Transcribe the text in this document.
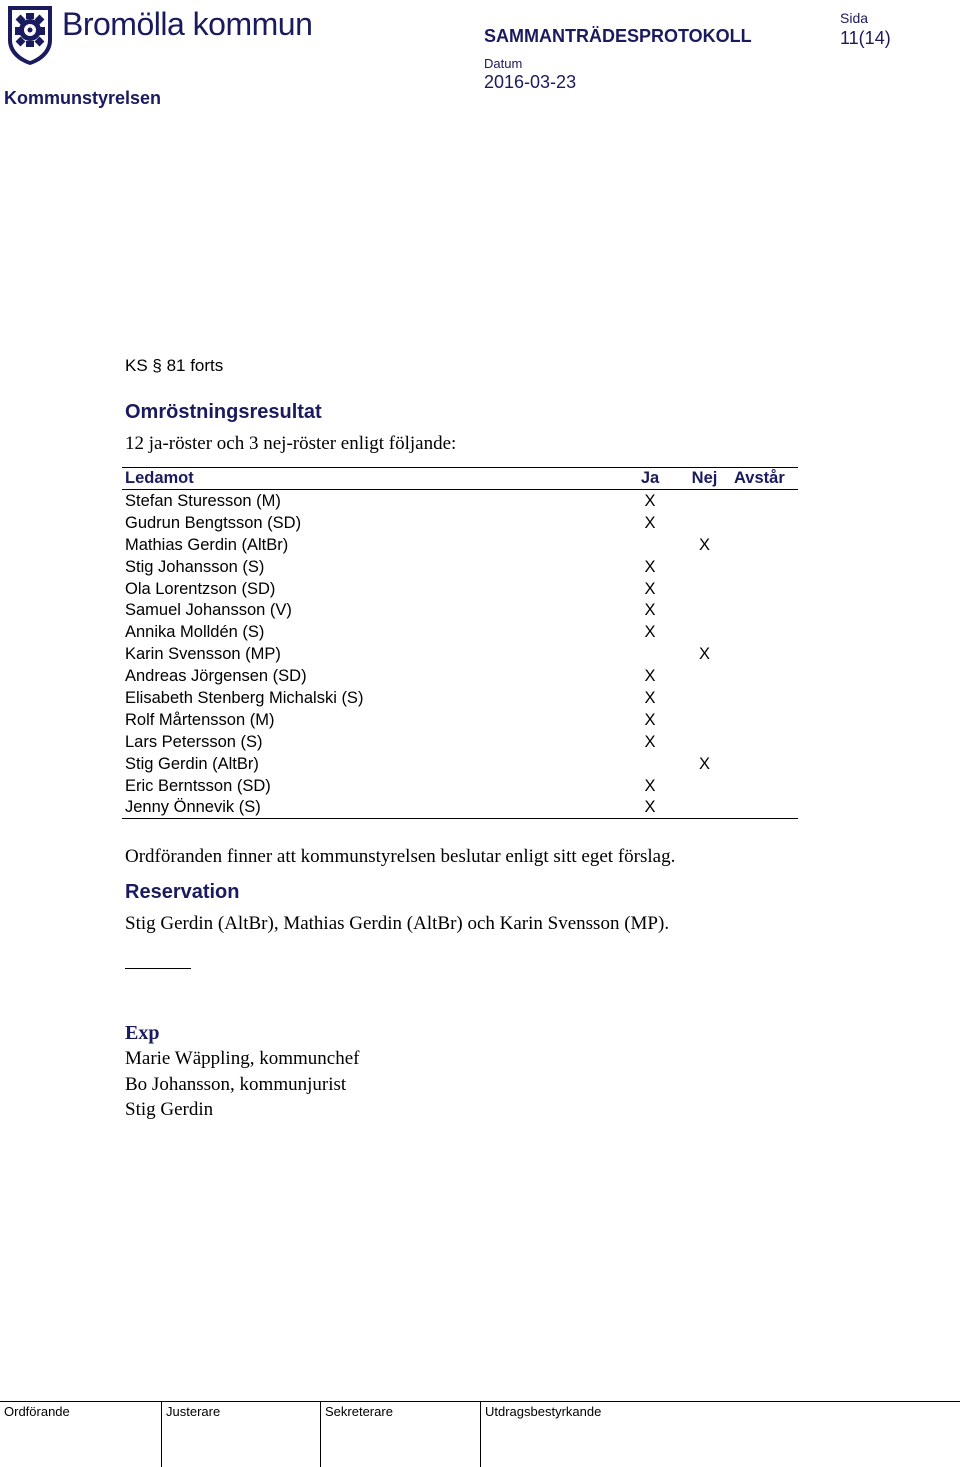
Bromölla kommun
Kommunstyrelsen
SAMMANTRÄDESPROTOKOLL
Sida
11(14)
Datum
2016-03-23
KS § 81 forts
Omröstningsresultat
12 ja-röster och 3 nej-röster enligt följande:
Ledamot	Ja	Nej	Avstår
Stefan Sturesson (M)	X		
Gudrun Bengtsson (SD)	X		
Mathias Gerdin (AltBr)		X	
Stig Johansson (S)	X		
Ola Lorentzson (SD)	X		
Samuel Johansson (V)	X		
Annika Molldén (S)	X		
Karin Svensson (MP)		X	
Andreas Jörgensen (SD)	X		
Elisabeth Stenberg Michalski (S)	X		
Rolf Mårtensson (M)	X		
Lars Petersson (S)	X		
Stig Gerdin (AltBr)		X	
Eric Berntsson (SD)	X		
Jenny Önnevik (S)	X		
Ordföranden finner att kommunstyrelsen beslutar enligt sitt eget förslag.
Reservation
Stig Gerdin (AltBr), Mathias Gerdin (AltBr) och Karin Svensson (MP).
Exp
Marie Wäppling, kommunchef
Bo Johansson, kommunjurist
Stig Gerdin
Ordförande	Justerare	Sekreterare	Utdragsbestyrkande
